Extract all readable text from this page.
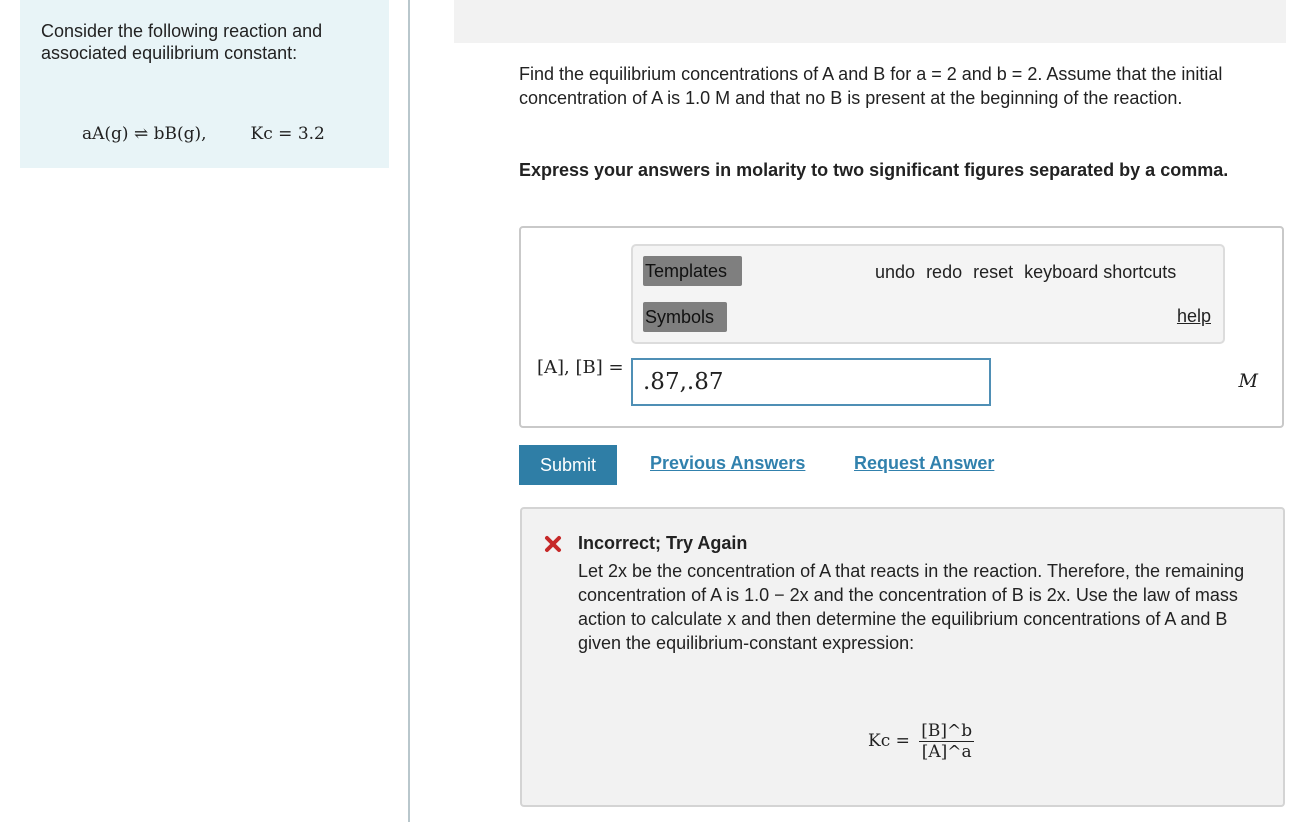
Consider the following reaction and associated equilibrium constant:

aA(g) ⇌ bB(g),	Kc = 3.2

Find the equilibrium concentrations of A and B for a = 2 and b = 2. Assume that the initial concentration of A is 1.0 M and that no B is present at the beginning of the reaction.

Express your answers in molarity to two significant figures separated by a comma.

Templates
Symbols
undo redo reset keyboard shortcuts
help
[A], [B] =
.87,.87	M
Submit	Previous Answers	Request Answer
Incorrect; Try Again

Let 2x be the concentration of A that reacts in the reaction. Therefore, the remaining concentration of A is 1.0 − 2x and the concentration of B is 2x. Use the law of mass action to calculate x and then determine the equilibrium concentrations of A and B given the equilibrium-constant expression:

$Kc = \frac{[B]\^{}b}{[A]\^{}a}$
